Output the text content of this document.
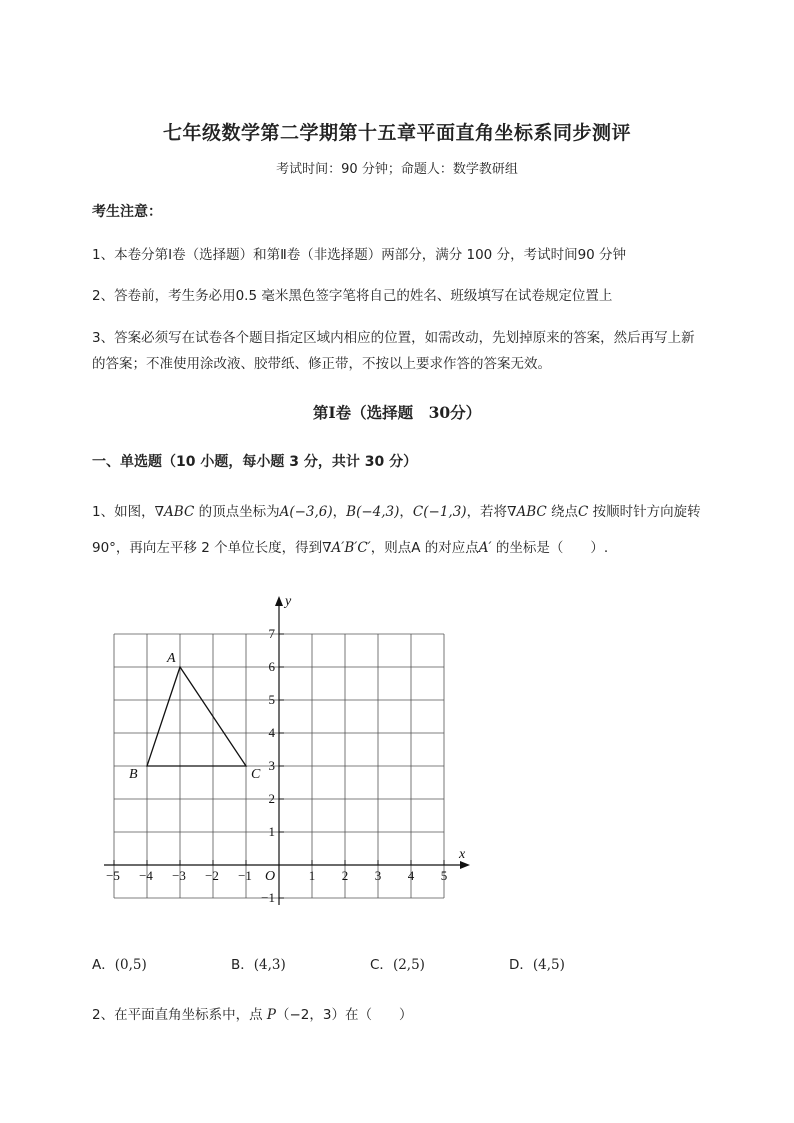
七年级数学第二学期第十五章平面直角坐标系同步测评
考试时间：90 分钟；命题人：数学教研组
考生注意：
1、本卷分第Ⅰ卷（选择题）和第Ⅱ卷（非选择题）两部分，满分 100 分，考试时间90 分钟
2、答卷前，考生务必用0.5 毫米黑色签字笔将自己的姓名、班级填写在试卷规定位置上
3、答案必须写在试卷各个题目指定区域内相应的位置，如需改动，先划掉原来的答案，然后再写上新
的答案；不准使用涂改液、胶带纸、修正带，不按以上要求作答的答案无效。
第Ⅰ卷（选择题　30分）
一、单选题（10 小题，每小题 3 分，共计 30 分）
1、如图，∇ABC 的顶点坐标为A(−3,6)，B(−4,3)，C(−1,3)，若将∇ABC 绕点C 按顺时针方向旋转
90°，再向左平移 2 个单位长度，得到∇A′B′C′，则点A 的对应点A′ 的坐标是（　　）.
−5 −4 −3 −2 −1	1 2 3 4 5
7
6
5
4
3
2
1
−1
x
y
O
A
B	C
A．(0,5)	B．(4,3)	C．(2,5)	D．(4,5)
2、在平面直角坐标系中，点 P（−2，3）在（　　）
